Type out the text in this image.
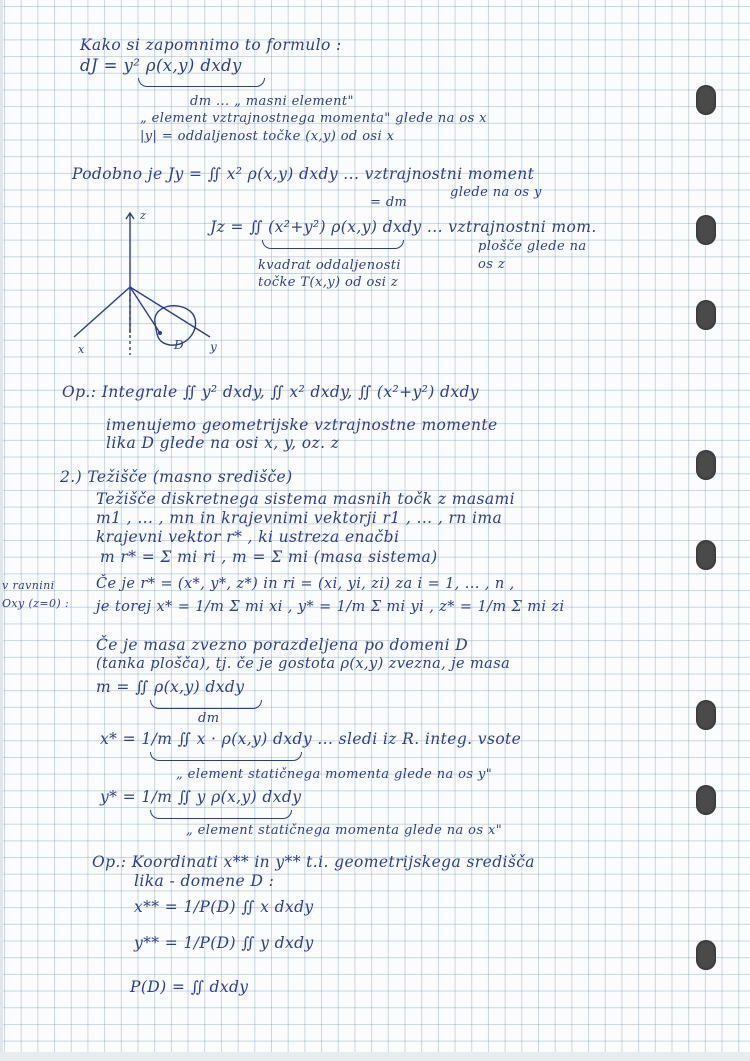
Kako si zapomnimo to formulo :
dJ = y² ρ(x,y) dxdy
dm ... „ masni element"
„ element vztrajnostnega momenta" glede na os x
|y| = oddaljenost točke (x,y) od osi x
Podobno je Jy = ∬ x² ρ(x,y) dxdy ... vztrajnostni moment
= dm
glede na os y
Jz = ∬ (x²+y²) ρ(x,y) dxdy ... vztrajnostni mom.
plošče glede na
os z
kvadrat oddaljenosti
točke T(x,y) od osi z
z
x	y
D
Op.: Integrale ∬ y² dxdy, ∬ x² dxdy, ∬ (x²+y²) dxdy
imenujemo geometrijske vztrajnostne momente
lika D glede na osi x, y, oz. z
2.) Težišče (masno središče)
Težišče diskretnega sistema masnih točk z masami
m1 , ... , mn in krajevnimi vektorji r1 , ... , rn ima
krajevni vektor r* , ki ustreza enačbi
m r* = Σ mi ri , m = Σ mi (masa sistema)
v ravnini
Oxy (z=0) :
Če je r* = (x*, y*, z*) in ri = (xi, yi, zi) za i = 1, ... , n ,
je torej x* = 1/m Σ mi xi , y* = 1/m Σ mi yi , z* = 1/m Σ mi zi
Če je masa zvezno porazdeljena po domeni D
(tanka plošča), tj. če je gostota ρ(x,y) zvezna, je masa
m = ∬ ρ(x,y) dxdy
dm
x* = 1/m ∬ x · ρ(x,y) dxdy ... sledi iz R. integ. vsote
„ element statičnega momenta glede na os y"
y* = 1/m ∬ y ρ(x,y) dxdy
„ element statičnega momenta glede na os x"
Op.: Koordinati x** in y** t.i. geometrijskega središča
lika - domene D :
x** = 1/P(D) ∬ x dxdy
y** = 1/P(D) ∬ y dxdy
P(D) = ∬ dxdy
